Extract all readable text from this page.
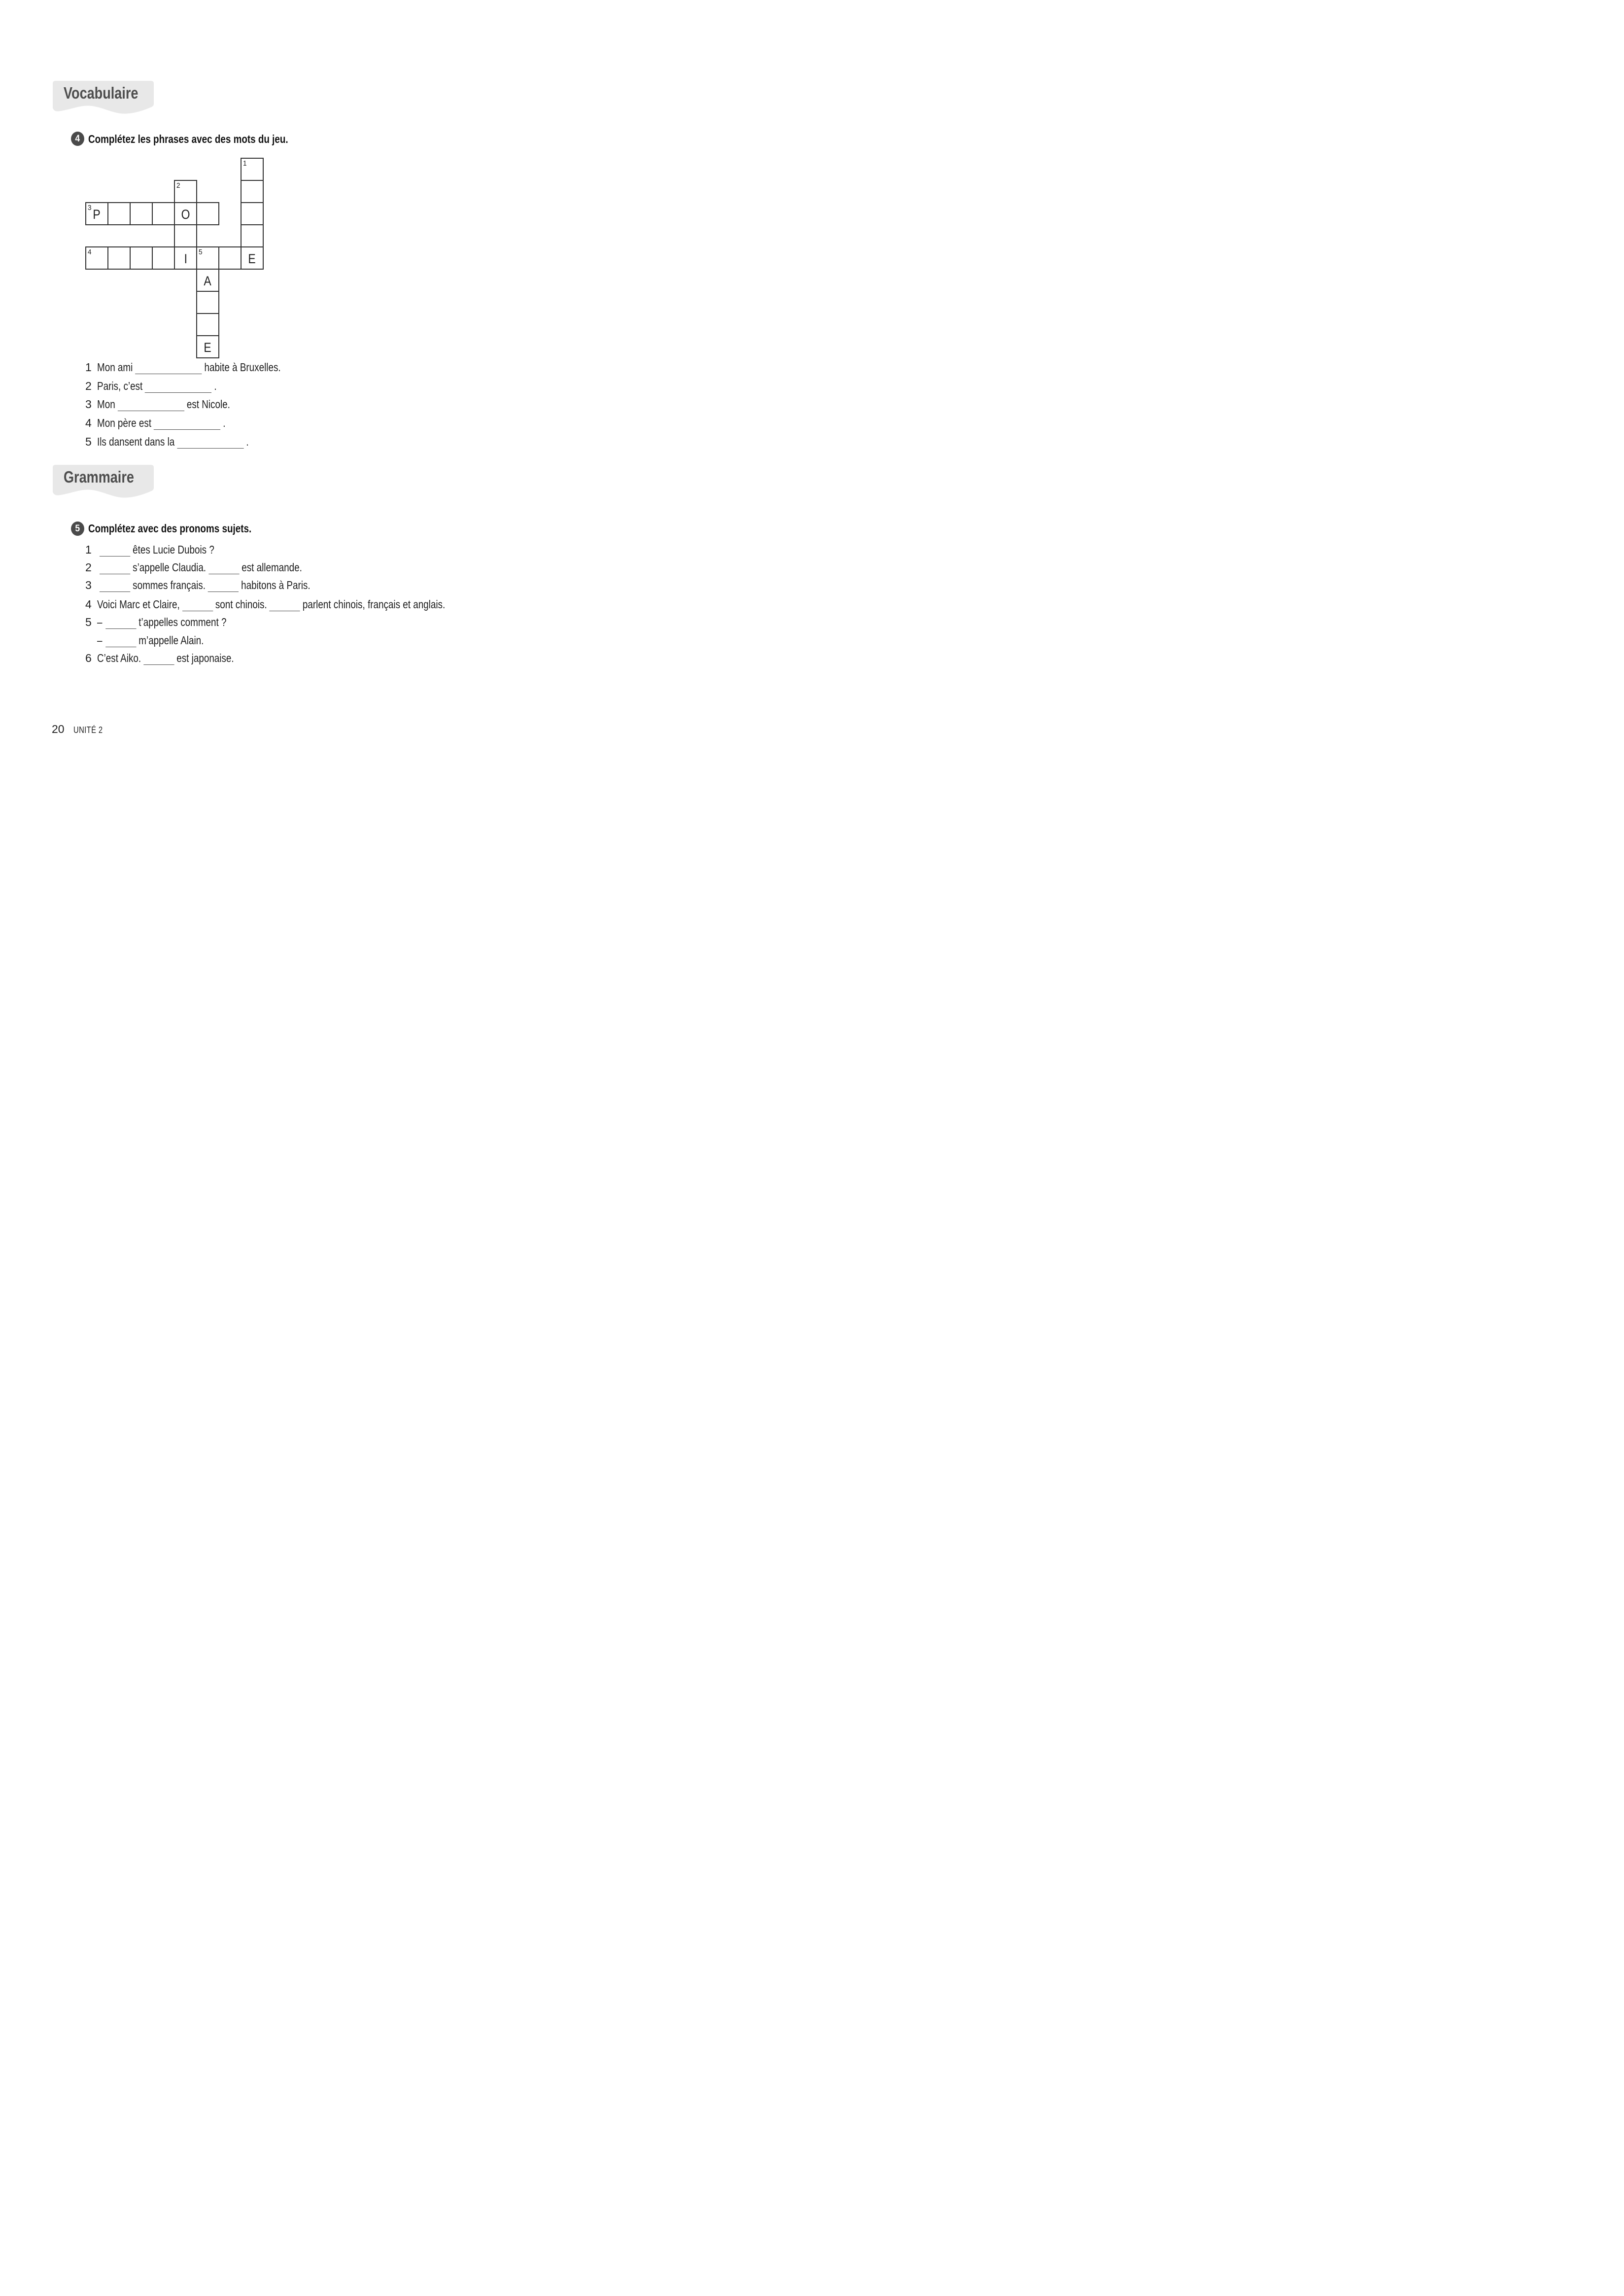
Vocabulaire
4 Complétez les phrases avec des mots du jeu.
1
E
2
O
I
3 P
4	5
A
E
1 Mon ami	habite à Bruxelles.
2 Paris, c’est	.
3 Mon	est Nicole.
4 Mon père est	.
5 Ils dansent dans la	.
Grammaire
5 Complétez avec des pronoms sujets.
1	êtes Lucie Dubois ?
2	s’appelle Claudia.	est allemande.
3	sommes français.	habitons à Paris.
4 Voici Marc et Claire,	sont chinois.	parlent chinois, français et anglais.
5 –	t’appelles comment ?
–	m’appelle Alain.
6 C’est Aiko.	est japonaise.
20 UNITÉ 2
